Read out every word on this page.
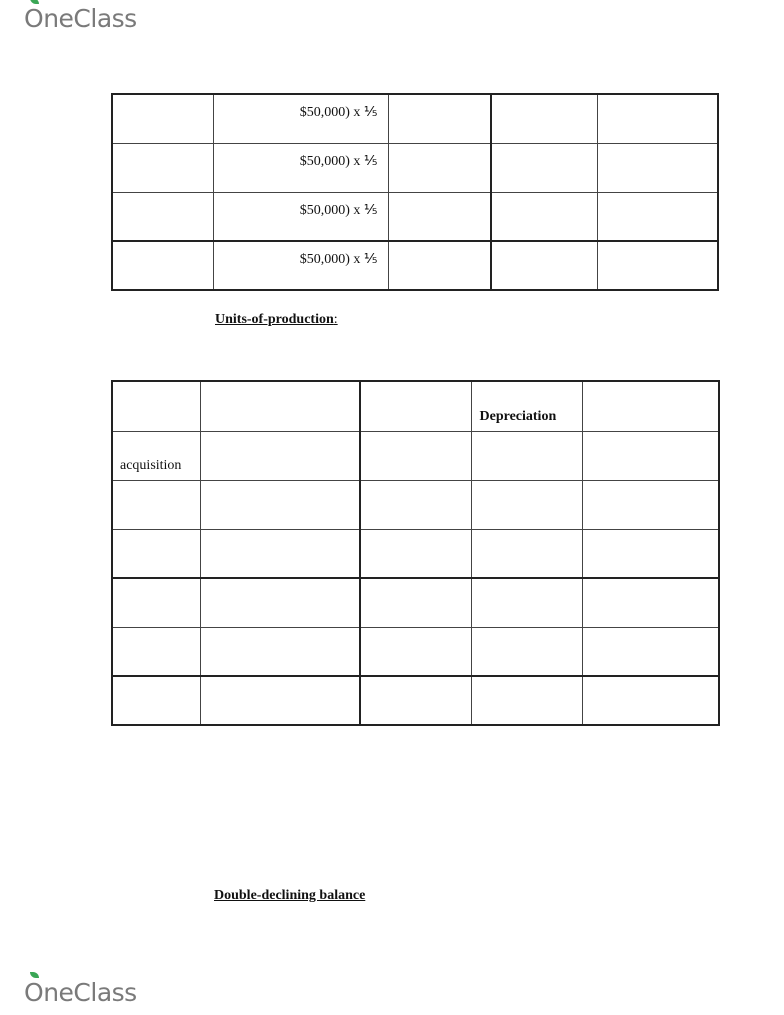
O neClass
	$50,000) x ⅕			
	$50,000) x ⅕			
	$50,000) x ⅕			
	$50,000) x ⅕			
Units-of-production:
			Depreciation	
acquisition				

Double-declining balance
O neClass
